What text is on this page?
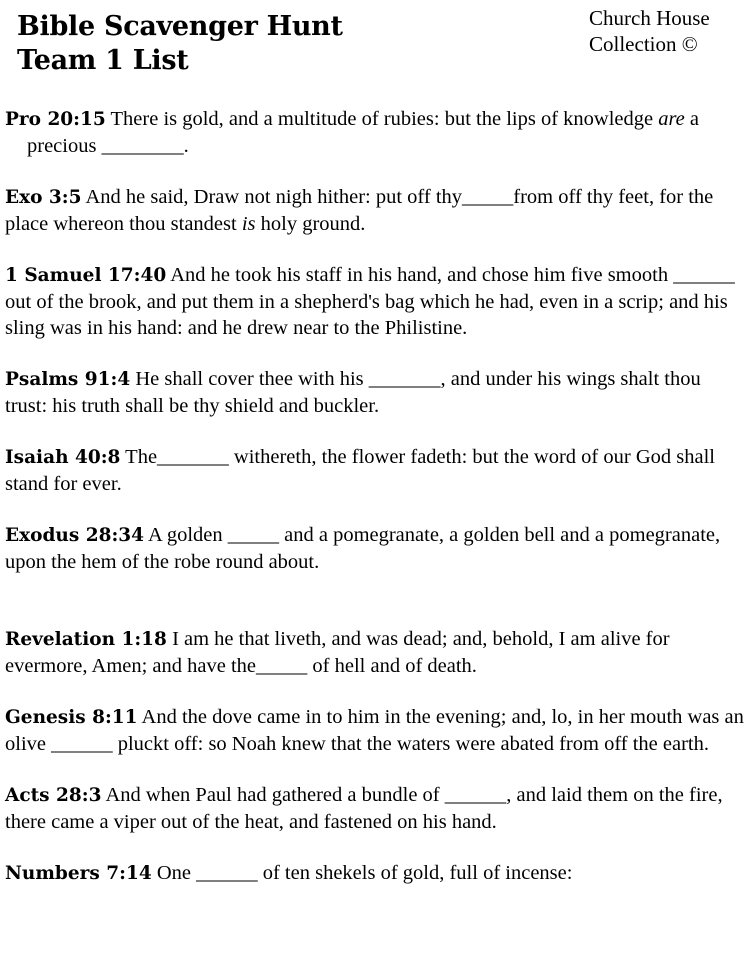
Bible Scavenger Hunt
Team 1 List
Church House
Collection ©

Pro 20:15 There is gold, and a multitude of rubies: but the lips of knowledge are a precious ________.

Exo 3:5 And he said, Draw not nigh hither: put off thy_____from off thy feet, for the place whereon thou standest is holy ground.

1 Samuel 17:40 And he took his staff in his hand, and chose him five smooth ______ out of the brook, and put them in a shepherd's bag which he had, even in a scrip; and his sling was in his hand: and he drew near to the Philistine.

Psalms 91:4 He shall cover thee with his _______, and under his wings shalt thou trust: his truth shall be thy shield and buckler.

Isaiah 40:8 The_______ withereth, the flower fadeth: but the word of our God shall stand for ever.

Exodus 28:34 A golden _____ and a pomegranate, a golden bell and a pomegranate, upon the hem of the robe round about.

Revelation 1:18 I am he that liveth, and was dead; and, behold, I am alive for evermore, Amen; and have the_____ of hell and of death.

Genesis 8:11 And the dove came in to him in the evening; and, lo, in her mouth was an olive ______ pluckt off: so Noah knew that the waters were abated from off the earth.

Acts 28:3 And when Paul had gathered a bundle of ______, and laid them on the fire, there came a viper out of the heat, and fastened on his hand.

Numbers 7:14 One ______ of ten shekels of gold, full of incense:
